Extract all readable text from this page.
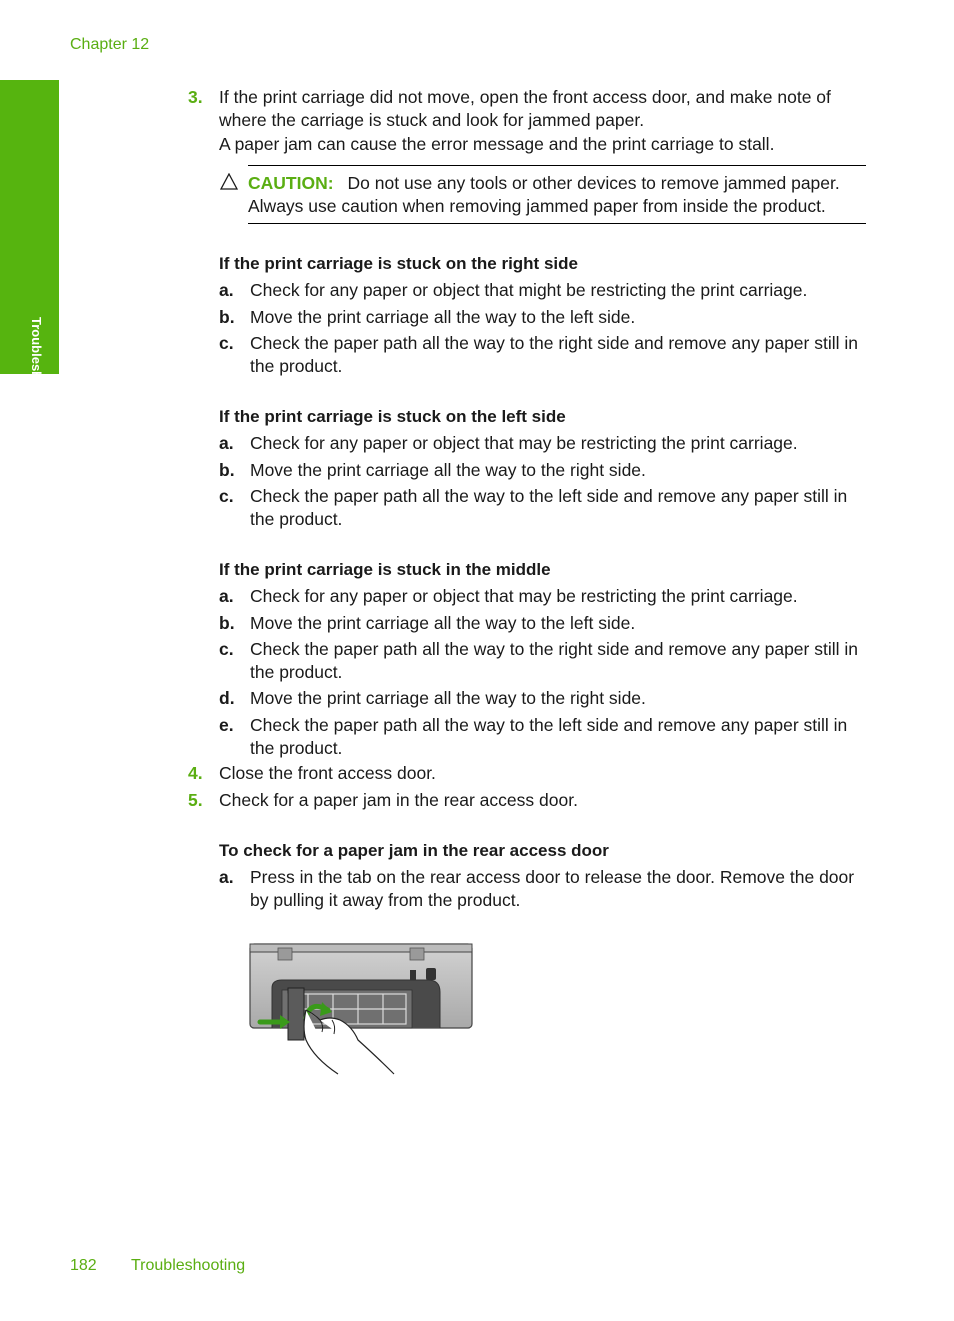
Chapter 12
Troubleshooting
3. If the print carriage did not move, open the front access door, and make note of where the carriage is stuck and look for jammed paper.
A paper jam can cause the error message and the print carriage to stall.
CAUTION: Do not use any tools or other devices to remove jammed paper. Always use caution when removing jammed paper from inside the product.
If the print carriage is stuck on the right side
a. Check for any paper or object that might be restricting the print carriage.
b. Move the print carriage all the way to the left side.
c. Check the paper path all the way to the right side and remove any paper still in the product.
If the print carriage is stuck on the left side
a. Check for any paper or object that may be restricting the print carriage.
b. Move the print carriage all the way to the right side.
c. Check the paper path all the way to the left side and remove any paper still in the product.
If the print carriage is stuck in the middle
a. Check for any paper or object that may be restricting the print carriage.
b. Move the print carriage all the way to the left side.
c. Check the paper path all the way to the right side and remove any paper still in the product.
d. Move the print carriage all the way to the right side.
e. Check the paper path all the way to the left side and remove any paper still in the product.
4. Close the front access door.
5. Check for a paper jam in the rear access door.
To check for a paper jam in the rear access door
a. Press in the tab on the rear access door to release the door. Remove the door by pulling it away from the product.
182 Troubleshooting
